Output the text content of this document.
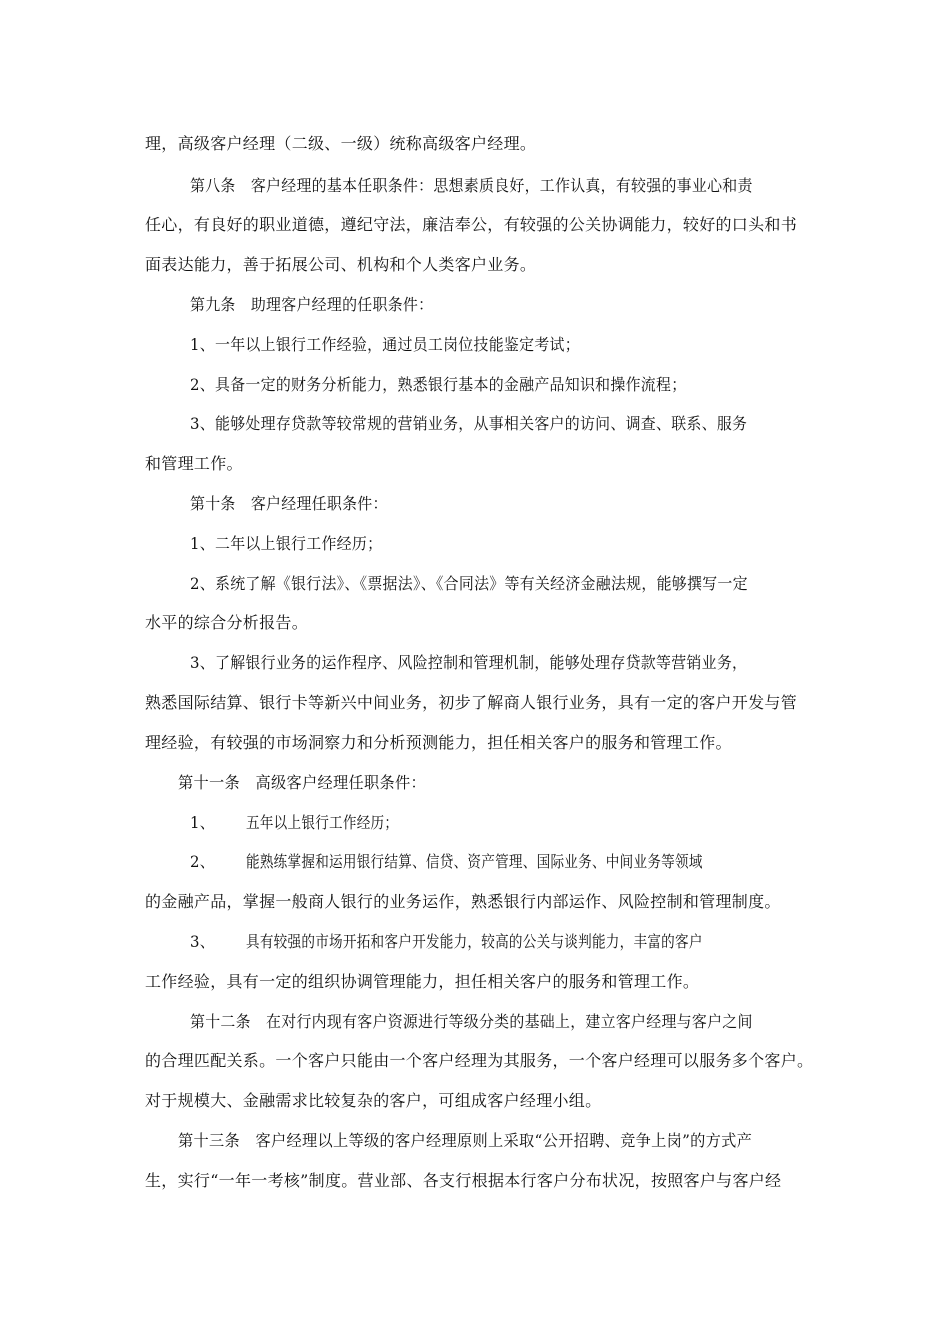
理，高级客户经理（二级、一级）统称高级客户经理。
第八条　客户经理的基本任职条件：思想素质良好，工作认真，有较强的事业心和责
任心，有良好的职业道德，遵纪守法，廉洁奉公，有较强的公关协调能力，较好的口头和书
面表达能力，善于拓展公司、机构和个人类客户业务。
第九条　助理客户经理的任职条件：
1、一年以上银行工作经验，通过员工岗位技能鉴定考试；
2、具备一定的财务分析能力，熟悉银行基本的金融产品知识和操作流程；
3、能够处理存贷款等较常规的营销业务，从事相关客户的访问、调查、联系、服务
和管理工作。
第十条　客户经理任职条件：
1、二年以上银行工作经历；
2、系统了解《银行法》、《票据法》、《合同法》等有关经济金融法规，能够撰写一定
水平的综合分析报告。
3、了解银行业务的运作程序、风险控制和管理机制，能够处理存贷款等营销业务，
熟悉国际结算、银行卡等新兴中间业务，初步了解商人银行业务，具有一定的客户开发与管
理经验，有较强的市场洞察力和分析预测能力，担任相关客户的服务和管理工作。
第十一条　高级客户经理任职条件：
1、	五年以上银行工作经历；
2、	能熟练掌握和运用银行结算、信贷、资产管理、国际业务、中间业务等领域
的金融产品，掌握一般商人银行的业务运作，熟悉银行内部运作、风险控制和管理制度。
3、	具有较强的市场开拓和客户开发能力，较高的公关与谈判能力，丰富的客户
工作经验，具有一定的组织协调管理能力，担任相关客户的服务和管理工作。
第十二条　在对行内现有客户资源进行等级分类的基础上，建立客户经理与客户之间
的合理匹配关系。一个客户只能由一个客户经理为其服务，一个客户经理可以服务多个客户。
对于规模大、金融需求比较复杂的客户，可组成客户经理小组。
第十三条　客户经理以上等级的客户经理原则上采取“公开招聘、竞争上岗”的方式产
生，实行“一年一考核”制度。营业部、各支行根据本行客户分布状况，按照客户与客户经
